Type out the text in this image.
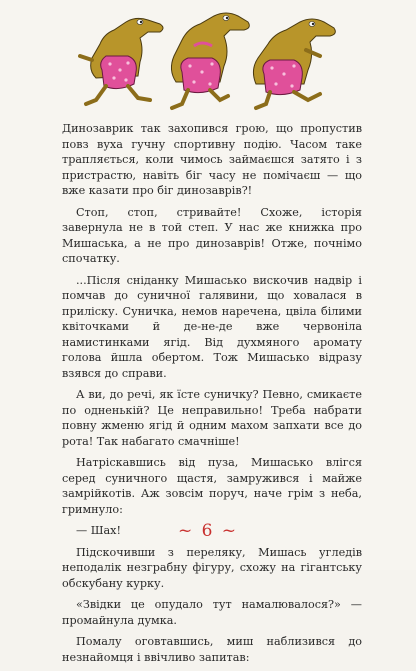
Динозаврик так захопився грою, що пропустив повз вуха гучну спортивну подію. Часом таке трапляється, коли чимось займаєшся затято і з пристрастю, навіть біг часу не помічаєш — що вже казати про біг динозаврів?!

Стоп, стоп, стривайте! Схоже, історія завернула не в той степ. У нас же книжка про Мишаська, а не про динозаврів! Отже, почнімо спочатку.

...Після сніданку Мишасько вискочив надвір і помчав до суничної галявини, що ховалася в приліску. Суничка, немов наречена, цвіла білими квіточками й де-не-де вже червоніла намистинками ягід. Від духмяного аромату голова йшла обертом. Тож Мишасько відразу взявся до справи.

А ви, до речі, як їсте суничку? Певно, смикаєте по одненькій? Це неправильно! Треба набрати повну жменю ягід й одним махом запхати все до рота! Так набагато смачніше!

Натріскавшись від пуза, Мишасько влігся серед суничного щастя, замружився і майже замрійкотів. Аж зовсім поруч, наче грім з неба, гримнуло:

— Шах!

Підскочивши з переляку, Мишась угледів неподалік незграбну фігуру, схожу на гігантську обскубану курку.

«Звідки це опудало тут намалювалося?» — промайнула думка.

Помалу оговтавшись, миш наблизився до незнайомця і ввічливо запитав:

~ 6 ~
